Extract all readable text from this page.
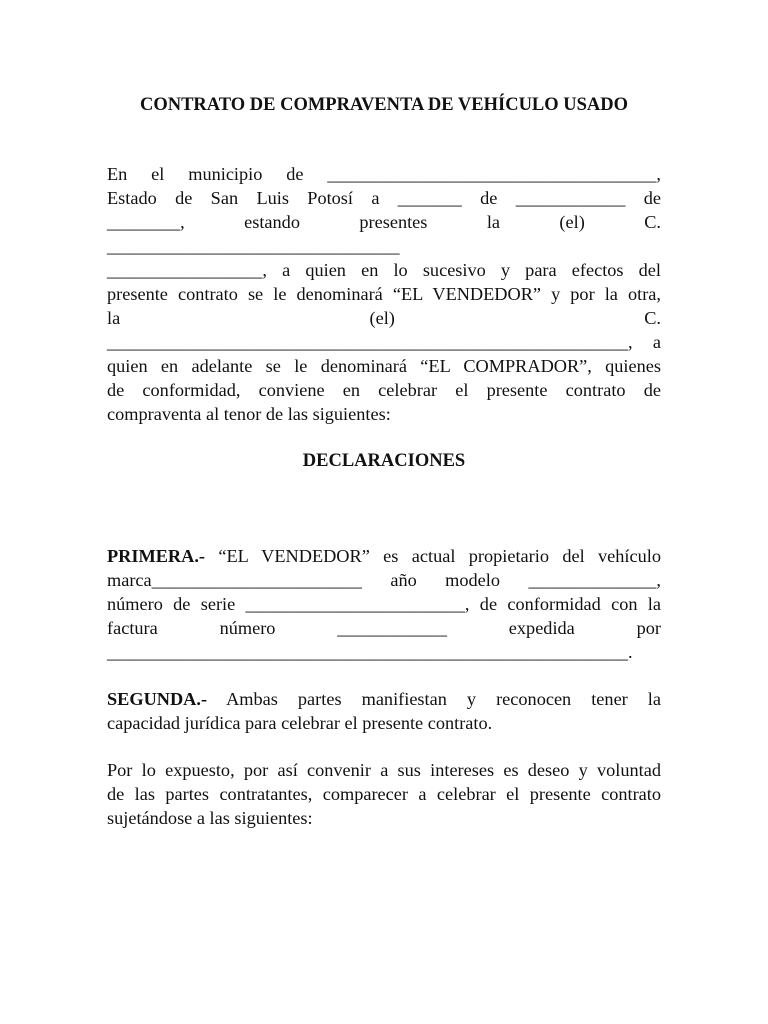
CONTRATO DE COMPRAVENTA DE VEHÍCULO USADO
En el municipio de ____________________________________,
Estado de San Luis Potosí a _______ de ____________ de
________, estando presentes la (el) C.
________________________________
_________________, a quien en lo sucesivo y para efectos del
presente contrato se le denominará “EL VENDEDOR” y por la otra,
la (el) C.
_________________________________________________________, a
quien en adelante se le denominará “EL COMPRADOR”, quienes
de conformidad, conviene en celebrar el presente contrato de
compraventa al tenor de las siguientes:
DECLARACIONES
PRIMERA.- “EL VENDEDOR” es actual propietario del vehículo
marca_______________________ año modelo ______________,
número de serie ________________________, de conformidad con la
factura número ____________ expedida por
_________________________________________________________.
SEGUNDA.- Ambas partes manifiestan y reconocen tener la
capacidad jurídica para celebrar el presente contrato.
Por lo expuesto, por así convenir a sus intereses es deseo y voluntad
de las partes contratantes, comparecer a celebrar el presente contrato
sujetándose a las siguientes:
